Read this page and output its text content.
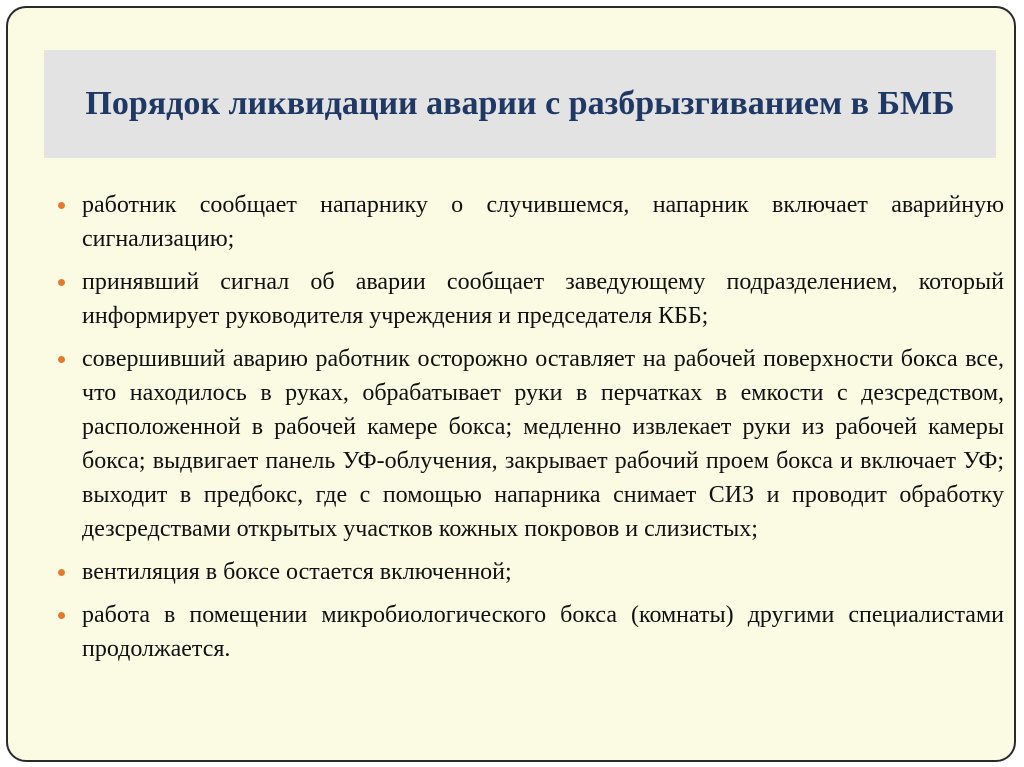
Порядок ликвидации аварии с разбрызгиванием в БМБ
работник сообщает напарнику о случившемся, напарник включает аварийную сигнализацию;
принявший сигнал об аварии сообщает заведующему подразделением, который информирует руководителя учреждения и председателя КББ;
совершивший аварию работник осторожно оставляет на рабочей поверхности бокса все, что находилось в руках, обрабатывает руки в перчатках в емкости с дезсредством, расположенной в рабочей камере бокса; медленно извлекает руки из рабочей камеры бокса; выдвигает панель УФ-облучения, закрывает рабочий проем бокса и включает УФ; выходит в предбокс, где с помощью напарника снимает СИЗ и проводит обработку дезсредствами открытых участков кожных покровов и слизистых;
вентиляция в боксе остается включенной;
работа в помещении микробиологического бокса (комнаты) другими специалистами продолжается.
